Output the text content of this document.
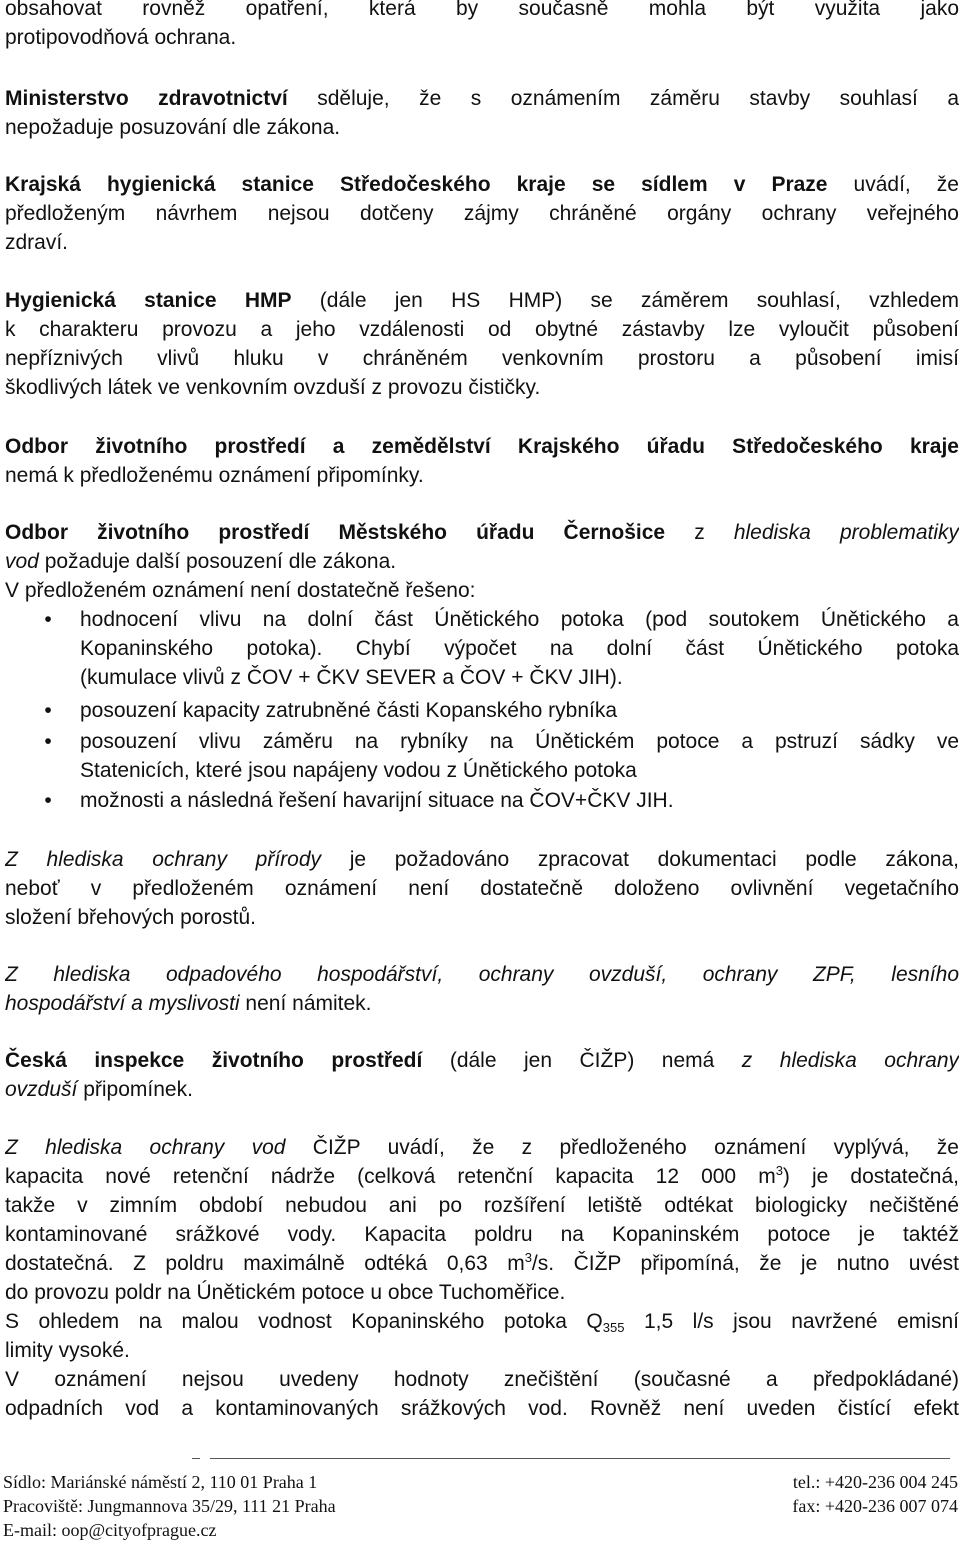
obsahovat rovněž opatření, která by současně mohla být využita jako
protipovodňová ochrana.
Ministerstvo zdravotnictví sděluje, že s oznámením záměru stavby souhlasí a
nepožaduje posuzování dle zákona.
Krajská hygienická stanice Středočeského kraje se sídlem v Praze uvádí, že
předloženým návrhem nejsou dotčeny zájmy chráněné orgány ochrany veřejného
zdraví.
Hygienická stanice HMP (dále jen HS HMP) se záměrem souhlasí, vzhledem
k charakteru provozu a jeho vzdálenosti od obytné zástavby lze vyloučit působení
nepříznivých vlivů hluku v chráněném venkovním prostoru a působení imisí
škodlivých látek ve venkovním ovzduší z provozu čističky.
Odbor životního prostředí a zemědělství Krajského úřadu Středočeského kraje
nemá k předloženému oznámení připomínky.
Odbor životního prostředí Městského úřadu Černošice z hlediska problematiky
vod požaduje další posouzení dle zákona.
V předloženém oznámení není dostatečně řešeno:
Z hlediska ochrany přírody je požadováno zpracovat dokumentaci podle zákona,
neboť v předloženém oznámení není dostatečně doloženo ovlivnění vegetačního
složení břehových porostů.
Z hlediska odpadového hospodářství, ochrany ovzduší, ochrany ZPF, lesního
hospodářství a myslivosti není námitek.
Česká inspekce životního prostředí (dále jen ČIŽP) nemá z hlediska ochrany
ovzduší připomínek.
Z hlediska ochrany vod ČIŽP uvádí, že z předloženého oznámení vyplývá, že
kapacita nové retenční nádrže (celková retenční kapacita 12 000 $m^3$) je dostatečná,
takže v zimním období nebudou ani po rozšíření letiště odtékat biologicky nečištěné
kontaminované srážkové vody. Kapacita poldru na Kopaninském potoce je taktéž
dostatečná. Z poldru maximálně odtéká 0,63 $m^3/s$. ČIŽP připomíná, že je nutno uvést
do provozu poldr na Únětickém potoce u obce Tuchoměřice.
S ohledem na malou vodnost Kopaninského potoka $Q_{355}$ 1,5 l/s jsou navržené emisní
limity vysoké.
V oznámení nejsou uvedeny hodnoty znečištění (současné a předpokládané)
odpadních vod a kontaminovaných srážkových vod. Rovněž není uveden čistící efekt
•	hodnocení vlivu na dolní část Únětického potoka (pod soutokem Únětického a
Kopaninského potoka). Chybí výpočet na dolní část Únětického potoka
(kumulace vlivů z ČOV + ČKV SEVER a ČOV + ČKV JIH).
•	posouzení kapacity zatrubněné části Kopanského rybníka
•	posouzení vlivu záměru na rybníky na Únětickém potoce a pstruzí sádky ve
Statenicích, které jsou napájeny vodou z Únětického potoka
•	možnosti a následná řešení havarijní situace na ČOV+ČKV JIH.
Sídlo: Mariánské náměstí 2, 110 01 Praha 1
Pracoviště: Jungmannova 35/29, 111 21 Praha
E-mail: oop@cityofprague.cz
tel.: +420-236 004 245
fax: +420-236 007 074
